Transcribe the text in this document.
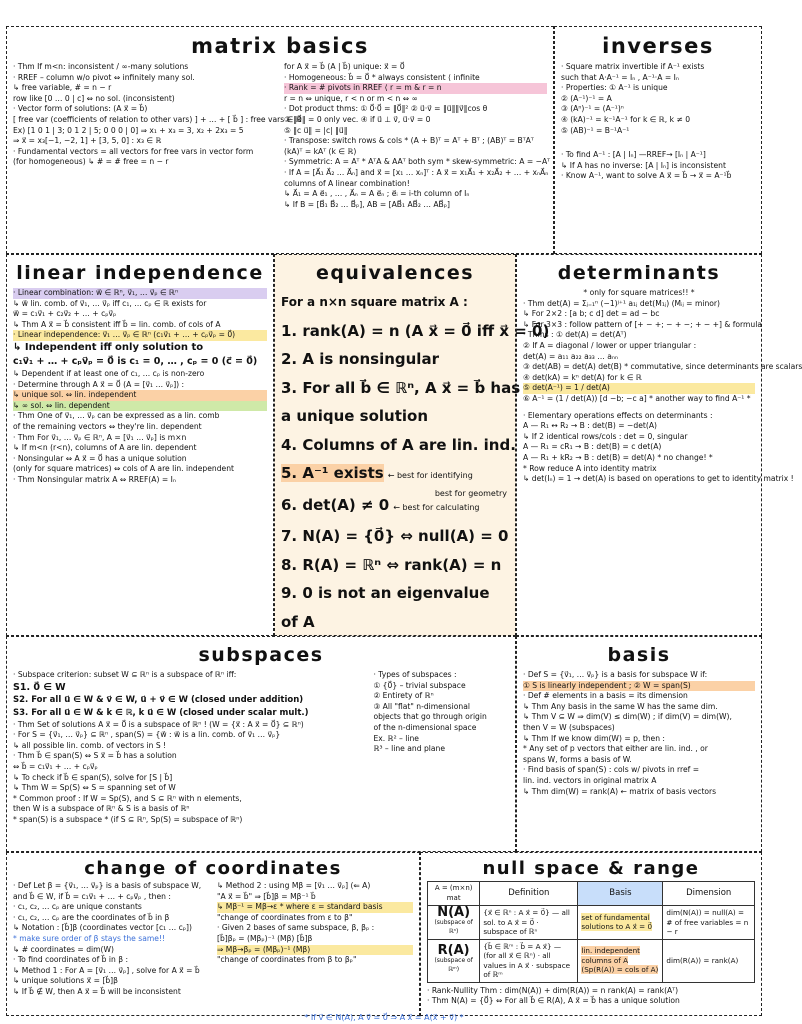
matrix basics
· Thm If m<n: inconsistent / ∞-many solutions
· RREF – column w/o pivot ⇔ infinitely many sol.
↳ free variable, # = n − r
row like [0 … 0 | c] ⇔ no sol. (inconsistent)
· Vector form of solutions: (A x⃗ = b⃗)
[ free var (coefficients of relation to other vars) ] + … + [ b⃗ ] : free vars ∈ ℝ
Ex) [1 0 1 | 3; 0 1 2 | 5; 0 0 0 | 0] ⇒ x₁ + x₃ = 3, x₂ + 2x₃ = 5
⇒ x⃗ = x₃[−1, −2, 1] + [3, 5, 0] : x₃ ∈ ℝ
· Fundamental vectors = all vectors for free vars in vector form
(for homogeneous) ↳ # = # free = n − r
for A x⃗ = b⃗ (A | b⃗) unique: x⃗ = 0⃗
· Homogeneous: b⃗ = 0⃗ * always consistent ⟨ infinite
· Rank = # pivots in RREF ⟨ r = m & r = n
r = n ⇔ unique, r < n or m < n ⇔ ∞
· Dot product thms: ① 0⃗·0⃗ = ‖0⃗‖² ② u⃗·v⃗ = ‖u⃗‖‖v⃗‖cos θ
③ ‖0⃗‖ = 0 only vec. ④ if u⃗ ⊥ v⃗, u⃗·v⃗ = 0
⑤ ‖c u⃗‖ = |c| ‖u⃗‖
· Transpose: switch rows & cols * (A + B)ᵀ = Aᵀ + Bᵀ ; (AB)ᵀ = BᵀAᵀ
(kA)ᵀ = kAᵀ (k ∈ ℝ)
· Symmetric: A = Aᵀ * AᵀA & AAᵀ both sym * skew-symmetric: A = −Aᵀ
· If A = [A⃗₁ A⃗₂ … A⃗ₙ] and x⃗ = [x₁ … xₙ]ᵀ : A x⃗ = x₁A⃗₁ + x₂A⃗₂ + … + xₙA⃗ₙ
columns of A linear combination!
↳ A⃗₁ = A e⃗₁ , … , A⃗ₙ = A e⃗ₙ ; e⃗ᵢ = i-th column of Iₙ
↳ If B = [B⃗₁ B⃗₂ … B⃗ₚ], AB = [AB⃗₁ AB⃗₂ … AB⃗ₚ]
inverses
· Square matrix invertible if A⁻¹ exists
such that A·A⁻¹ = Iₙ , A⁻¹·A = Iₙ
· Properties: ① A⁻¹ is unique
② (A⁻¹)⁻¹ = A
③ (Aⁿ)⁻¹ = (A⁻¹)ⁿ
④ (kA)⁻¹ = k⁻¹A⁻¹ for k ∈ ℝ, k ≠ 0
⑤ (AB)⁻¹ = B⁻¹A⁻¹
· To find A⁻¹ : [A | Iₙ] —RREF→ [Iₙ | A⁻¹]
↳ If A has no inverse: [A | Iₙ] is inconsistent
· Know A⁻¹, want to solve A x⃗ = b⃗ → x⃗ = A⁻¹b⃗
linear independence
· Linear combination: w⃗ ∈ ℝⁿ, v⃗₁, … v⃗ₚ ∈ ℝⁿ
↳ w⃗ lin. comb. of v⃗₁, … v⃗ₚ iff c₁, … cₚ ∈ ℝ exists for
w⃗ = c₁v⃗₁ + c₂v⃗₂ + … + cₚv⃗ₚ
↳ Thm A x⃗ = b⃗ consistent iff b⃗ = lin. comb. of cols of A
· Linear independence: v⃗₁ … v⃗ₚ ∈ ℝⁿ (c₁v⃗₁ + … + cₚv⃗ₚ = 0⃗)
↳ Independent iff only solution to
c₁v⃗₁ + … + cₚv⃗ₚ = 0⃗ is c₁ = 0, … , cₚ = 0 (c⃗ = 0⃗)
↳ Dependent if at least one of c₁, … cₚ is non-zero
· Determine through A x⃗ = 0⃗ (A = [v⃗₁ … v⃗ₚ]) :
↳ unique sol. ⇔ lin. independent
↳ ∞ sol. ⇔ lin. dependent
· Thm One of v⃗₁, … v⃗ₚ can be expressed as a lin. comb
of the remaining vectors ⇔ they're lin. dependent
· Thm For v⃗₁, … v⃗ₚ ∈ ℝⁿ, A = [v⃗₁ … v⃗ₚ] is m×n
↳ If m<n (r<n), columns of A are lin. dependent
· Nonsingular ⇔ A x⃗ = 0⃗ has a unique solution
(only for square matrices) ⇔ cols of A are lin. independent
· Thm Nonsingular matrix A ⇔ RREF(A) = Iₙ
equivalences
For a n×n square matrix A :
1. rank(A) = n (A x⃗ = 0⃗ iff x⃗ = 0⃗)
2. A is nonsingular
3. For all b⃗ ∈ ℝⁿ, A x⃗ = b⃗ has
a unique solution
4. Columns of A are lin. ind.
5. A⁻¹ exists ← best for identifying
6. det(A) ≠ 0 ← best for calculating
7. N(A) = {0⃗} ⇔ null(A) = 0
8. R(A) = ℝⁿ ⇔ rank(A) = n
9. 0 is not an eigenvalue
of A
best for geometry
determinants
* only for square matrices!! *
· Thm det(A) = Σⱼ₌₁ⁿ (−1)ʲ⁺¹ a₁ⱼ det(M₁ⱼ) (Mᵢⱼ = minor)
↳ For 2×2 : [a b; c d] det = ad − bc
↳ For 3×3 : follow pattern of [+ − +; − + −; + − +] & formula
· Thms : ① det(A) = det(Aᵀ)
② If A = diagonal / lower or upper triangular :
det(A) = a₁₁ a₂₂ a₃₃ … aₙₙ
③ det(AB) = det(A) det(B) * commutative, since determinants are scalars
④ det(kA) = kⁿ det(A) for k ∈ ℝ
⑤ det(A⁻¹) = 1 / det(A)
⑥ A⁻¹ = (1 / det(A)) [d −b; −c a] * another way to find A⁻¹ *
· Elementary operations effects on determinants :
A — R₁ ↔ R₂ → B : det(B) = −det(A)
↳ If 2 identical rows/cols : det = 0, singular
A — R₁ = cR₁ → B : det(B) = c det(A)
A — R₁ + kR₂ → B : det(B) = det(A) * no change! *
* Row reduce A into identity matrix
↳ det(Iₙ) = 1 → det(A) is based on operations to get to identity matrix !
subspaces
· Subspace criterion: subset W ⊆ ℝⁿ is a subspace of ℝⁿ iff:
S1. 0⃗ ∈ W
S2. For all u⃗ ∈ W & v⃗ ∈ W, u⃗ + v⃗ ∈ W (closed under addition)
S3. For all u⃗ ∈ W & k ∈ ℝ, k u⃗ ∈ W (closed under scalar mult.)
· Thm Set of solutions A x⃗ = 0⃗ is a subspace of ℝⁿ ! (W = {x⃗ : A x⃗ = 0⃗} ⊆ ℝⁿ)
· For S = {v⃗₁, … v⃗ₚ} ⊆ ℝⁿ , span(S) = {w⃗ : w⃗ is a lin. comb. of v⃗₁ … v⃗ₚ}
↳ all possible lin. comb. of vectors in S !
· Thm b⃗ ∈ span(S) ⇔ S x⃗ = b⃗ has a solution
⇔ b⃗ = c₁v⃗₁ + … + cₚv⃗ₚ
↳ To check if b⃗ ∈ span(S), solve for [S | b⃗]
↳ Thm W = Sp(S) ⇔ S = spanning set of W
* Common proof : If W = Sp(S), and S ⊆ ℝⁿ with n elements,
then W is a subspace of ℝⁿ & S is a basis of ℝⁿ
* span(S) is a subspace * (if S ⊆ ℝⁿ, Sp(S) = subspace of ℝⁿ)
· Types of subspaces :
① {0⃗} – trivial subspace
② Entirety of ℝⁿ
③ All "flat" n-dimensional
objects that go through origin
of the n-dimensional space
Ex. ℝ² – line
ℝ³ – line and plane
basis
· Def S = {v⃗₁, … v⃗ₚ} is a basis for subspace W if:
① S is linearly independent ; ② W = span(S)
· Def # elements in a basis = its dimension
↳ Thm Any basis in the same W has the same dim.
↳ Thm V ⊆ W ⇒ dim(V) ≤ dim(W) ; if dim(V) = dim(W),
then V = W (subspaces)
↳ Thm If we know dim(W) = p, then :
* Any set of p vectors that either are lin. ind. , or
spans W, forms a basis of W.
· Find basis of span(S) : cols w/ pivots in rref =
lin. ind. vectors in original matrix A
↳ Thm dim(W) = rank(A) ← matrix of basis vectors
change of coordinates
· Def Let β = {v⃗₁, … v⃗ₚ} is a basis of subspace W,
and b⃗ ∈ W, if b⃗ = c₁v⃗₁ + … + cₚv⃗ₚ , then :
· c₁, c₂, … cₚ are unique constants
· c₁, c₂, … cₚ are the coordinates of b⃗ in β
↳ Notation : [b⃗]β (coordinates vector [c₁ … cₚ])
* make sure order of β stays the same!!
↳ # coordinates = dim(W)
· To find coordinates of b⃗ in β :
↳ Method 1 : For A = [v⃗₁ … v⃗ₚ] , solve for A x⃗ = b⃗
↳ unique solutions x⃗ = [b⃗]β
↳ If b⃗ ∉ W, then A x⃗ = b⃗ will be inconsistent
↳ Method 2 : using Mβ = [v⃗₁ … v⃗ₚ] (⇐ A)
"A x⃗ = b⃗" ⇒ [b⃗]β = Mβ⁻¹ b⃗
↳ Mβ⁻¹ = Mβ→ε * where ε = standard basis
"change of coordinates from ε to β"
· Given 2 bases of same subspace, β, βₚ :
[b⃗]βₚ = (Mβₚ)⁻¹ (Mβ) [b⃗]β
⇒ Mβ→βₚ = (Mβₚ)⁻¹ (Mβ)
"change of coordinates from β to βₚ"
null space & range
A = (m×n) mat	Definition	Basis	Dimension

N(A)
(subspace of ℝⁿ)	{x⃗ ∈ ℝⁿ : A x⃗ = 0⃗} — all sol. to A x⃗ = 0⃗ · subspace of ℝⁿ	set of fundamental solutions to A x⃗ = 0⃗	dim(N(A)) = null(A) = # of free variables = n − r

R(A)
(subspace of ℝᵐ)	{b⃗ ∈ ℝᵐ : b⃗ = A x⃗} — (for all x⃗ ∈ ℝⁿ) · all values in A x⃗ · subspace of ℝᵐ	lin. independent columns of A (Sp(R(A)) = cols of A)	dim(R(A)) = rank(A)
· Rank-Nullity Thm : dim(N(A)) + dim(R(A)) = n rank(A) = rank(Aᵀ)
· Thm N(A) = {0⃗} ⇔ For all b⃗ ∈ R(A), A x⃗ = b⃗ has a unique solution
* If v⃗ ∈ N(A), A v⃗ = 0⃗ ⇒ A x⃗ = A(x⃗ + v⃗) *
